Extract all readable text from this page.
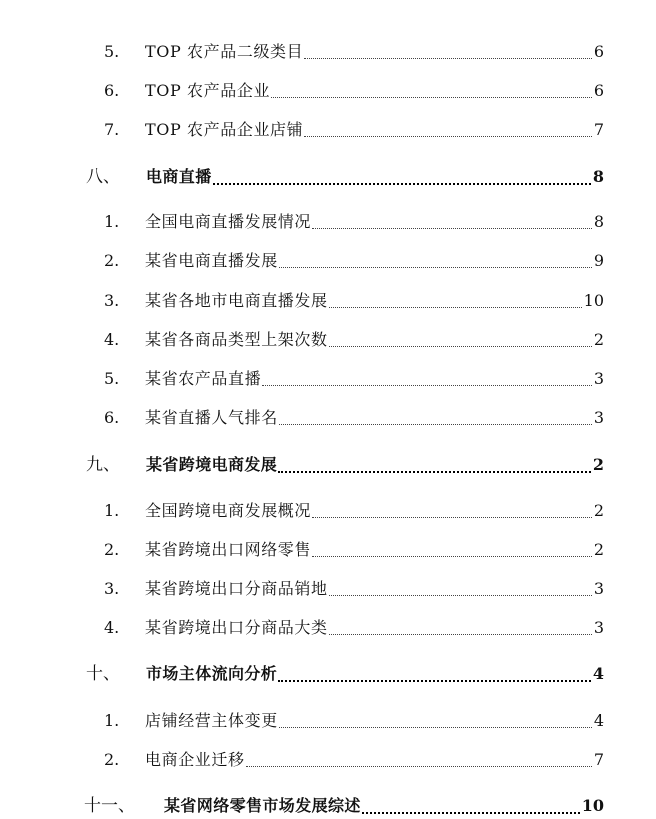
5.	TOP 农产品二级类目	6
6.	TOP 农产品企业	6
7.	TOP 农产品企业店铺	7
八、 电商直播	8
1.	全国电商直播发展情况	8
2.	某省电商直播发展	9
3.	某省各地市电商直播发展	10
4.	某省各商品类型上架次数	2
5.	某省农产品直播	3
6.	某省直播人气排名	3
九、 某省跨境电商发展	2
1.	全国跨境电商发展概况	2
2.	某省跨境出口网络零售	2
3.	某省跨境出口分商品销地	3
4.	某省跨境出口分商品大类	3
十、 市场主体流向分析	4
1.	店铺经营主体变更	4
2.	电商企业迁移	7
十一、 某省网络零售市场发展综述	10
